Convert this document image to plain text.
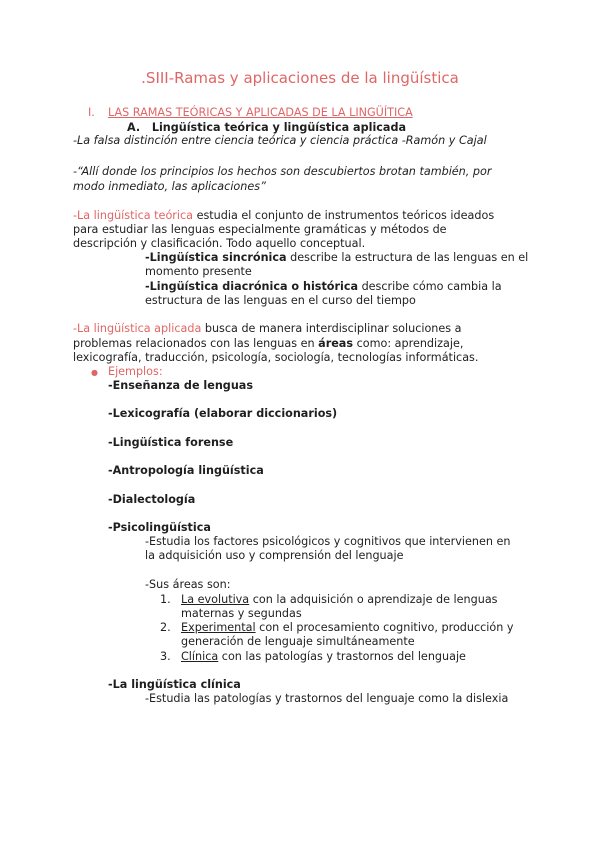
.SIII-Ramas y aplicaciones de la lingüística
I. LAS RAMAS TEÓRICAS Y APLICADAS DE LA LINGÜÍTICA
A. Lingüística teórica y lingüística aplicada
-La falsa distinción entre ciencia teórica y ciencia práctica -Ramón y Cajal
-“Allí donde los principios los hechos son descubiertos brotan también, por
modo inmediato, las aplicaciones”
-La lingüística teórica estudia el conjunto de instrumentos teóricos ideados
para estudiar las lenguas especialmente gramáticas y métodos de
descripción y clasificación. Todo aquello conceptual.
-Lingüística sincrónica describe la estructura de las lenguas en el
momento presente
-Lingüística diacrónica o histórica describe cómo cambia la
estructura de las lenguas en el curso del tiempo
-La lingüística aplicada busca de manera interdisciplinar soluciones a
problemas relacionados con las lenguas en áreas como: aprendizaje,
lexicografía, traducción, psicología, sociología, tecnologías informáticas.
● Ejemplos:
-Enseñanza de lenguas
-Lexicografía (elaborar diccionarios)
-Lingüística forense
-Antropología lingüística
-Dialectología
-Psicolingüística
-Estudia los factores psicológicos y cognitivos que intervienen en
la adquisición uso y comprensión del lenguaje
-Sus áreas son:
1. La evolutiva con la adquisición o aprendizaje de lenguas
maternas y segundas
2. Experimental con el procesamiento cognitivo, producción y
generación de lenguaje simultáneamente
3. Clínica con las patologías y trastornos del lenguaje
-La lingüística clínica
-Estudia las patologías y trastornos del lenguaje como la dislexia
